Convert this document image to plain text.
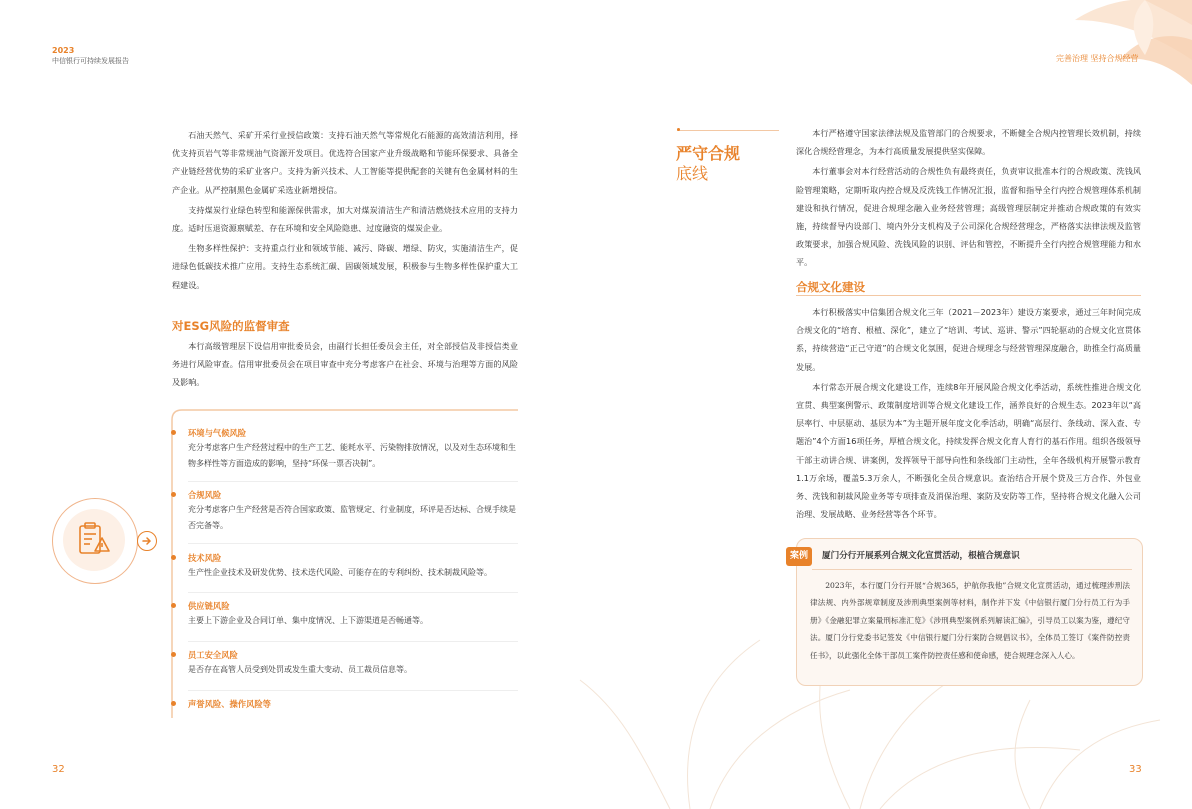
2023
中信银行可持续发展报告	完善治理 坚持合规经营

石油天然气、采矿开采行业授信政策：支持石油天然气等常规化石能源的高效清洁利用，择优支持页岩气等非常规油气资源开发项目。优选符合国家产业升级战略和节能环保要求、具备全产业链经营优势的采矿业客户。支持为新兴技术、人工智能等提供配套的关键有色金属材料的生产企业。从严控制黑色金属矿采选业新增授信。

支持煤炭行业绿色转型和能源保供需求，加大对煤炭清洁生产和清洁燃烧技术应用的支持力度。适时压退资源禀赋差、存在环境和安全风险隐患、过度融资的煤炭企业。

生物多样性保护：支持重点行业和领域节能、减污、降碳、增绿、防灾，实施清洁生产，促进绿色低碳技术推广应用。支持生态系统汇碳、固碳领域发展，积极参与生物多样性保护重大工程建设。

对ESG风险的监督审查

本行高级管理层下设信用审批委员会，由副行长担任委员会主任，对全部授信及非授信类业务进行风险审查。信用审批委员会在项目审查中充分考虑客户在社会、环境与治理等方面的风险及影响。

环境与气候风险
充分考虑客户生产经营过程中的生产工艺、能耗水平、污染物排放情况，以及对生态环境和生物多样性等方面造成的影响，坚持“环保一票否决制”。
合规风险
充分考虑客户生产经营是否符合国家政策、监管规定、行业制度，环评是否达标、合规手续是否完备等。
技术风险
生产性企业技术及研发优势、技术迭代风险、可能存在的专利纠纷、技术制裁风险等。
供应链风险
主要上下游企业及合同订单、集中度情况、上下游渠道是否畅通等。
员工安全风险
是否存在高管人员受到处罚或发生重大变动、员工裁员信息等。
声誉风险、操作风险等
32
严守合规
底线

本行严格遵守国家法律法规及监管部门的合规要求，不断健全合规内控管理长效机制，持续深化合规经营理念，为本行高质量发展提供坚实保障。

本行董事会对本行经营活动的合规性负有最终责任，负责审议批准本行的合规政策、洗钱风险管理策略，定期听取内控合规及反洗钱工作情况汇报，监督和指导全行内控合规管理体系机制建设和执行情况，促进合规理念融入业务经营管理；高级管理层制定并推动合规政策的有效实施，持续督导内设部门、境内外分支机构及子公司深化合规经营理念，严格落实法律法规及监管政策要求，加强合规风险、洗钱风险的识别、评估和管控，不断提升全行内控合规管理能力和水平。

合规文化建设

本行积极落实中信集团合规文化三年（2021－2023年）建设方案要求，通过三年时间完成合规文化的“培育、根植、深化”，建立了“培训、考试、巡讲、警示”四轮驱动的合规文化宣贯体系，持续营造“正己守道”的合规文化氛围，促进合规理念与经营管理深度融合，助推全行高质量发展。

本行常态开展合规文化建设工作，连续8年开展风险合规文化季活动，系统性推进合规文化宣贯、典型案例警示、政策制度培训等合规文化建设工作，涵养良好的合规生态。2023年以“高层率行、中层驱动、基层为本”为主题开展年度文化季活动，明确“高层行、条线动、深入查、专题治”4个方面16项任务，厚植合规文化，持续发挥合规文化育人育行的基石作用。组织各级领导干部主动讲合规、讲案例，发挥领导干部导向性和条线部门主动性，全年各级机构开展警示教育1.1万余场，覆盖5.3万余人，不断强化全员合规意识。查治结合开展个贷及三方合作、外包业务、洗钱和制裁风险业务等专项排查及消保治理、案防及安防等工作，坚持将合规文化融入公司治理、发展战略、业务经营等各个环节。

案例	厦门分行开展系列合规文化宣贯活动，根植合规意识

2023年，本行厦门分行开展“合规365，护航你我他”合规文化宣贯活动，通过梳理涉刑法律法规、内外部规章制度及涉刑典型案例等材料，制作并下发《中信银行厦门分行员工行为手册》《金融犯罪立案量刑标准汇览》《涉刑典型案例系列解读汇编》，引导员工以案为鉴，遵纪守法。厦门分行党委书记签发《中信银行厦门分行案防合规倡议书》，全体员工签订《案件防控责任书》，以此强化全体干部员工案件防控责任感和使命感，使合规理念深入人心。

33
